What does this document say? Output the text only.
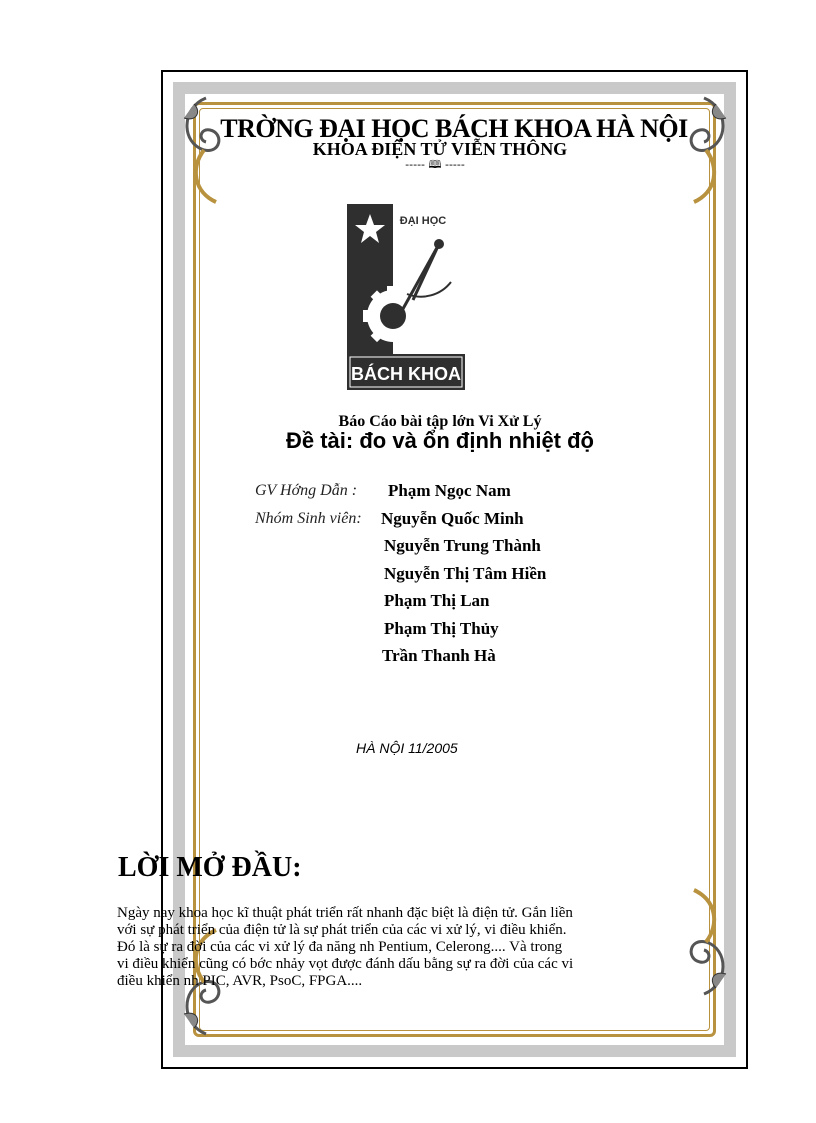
TRỜNG ĐẠI HỌC BÁCH KHOA HÀ NỘI
KHOA ĐIỆN TỬ VIỄN THÔNG
----- 🕮 -----
ĐẠI HỌC
BÁCH KHOA
Báo Cáo bài tập lớn Vi Xử Lý
Đề tài: đo và ổn định nhiệt độ
GV Hớng Dẫn : Phạm Ngọc Nam
Nhóm Sinh viên: Nguyễn Quốc Minh
Nguyễn Trung Thành
Nguyễn Thị Tâm Hiền
Phạm Thị Lan
Phạm Thị Thủy
Trần Thanh Hà
HÀ NỘI 11/2005
LỜI MỞ ĐẦU:
Ngày nay khoa học kĩ thuật phát triển rất nhanh đặc biệt là điện tử. Gắn liền
với sự phát triển của điện tử là sự phát triển của các vi xử lý, vi điều khiển.
Đó là sự ra đời của các vi xử lý đa năng nh Pentium, Celerong.... Và trong
vi điều khiển cũng có bớc nhảy vọt được đánh dấu bằng sự ra đời của các vi
điều khiển nh PIC, AVR, PsoC, FPGA....
